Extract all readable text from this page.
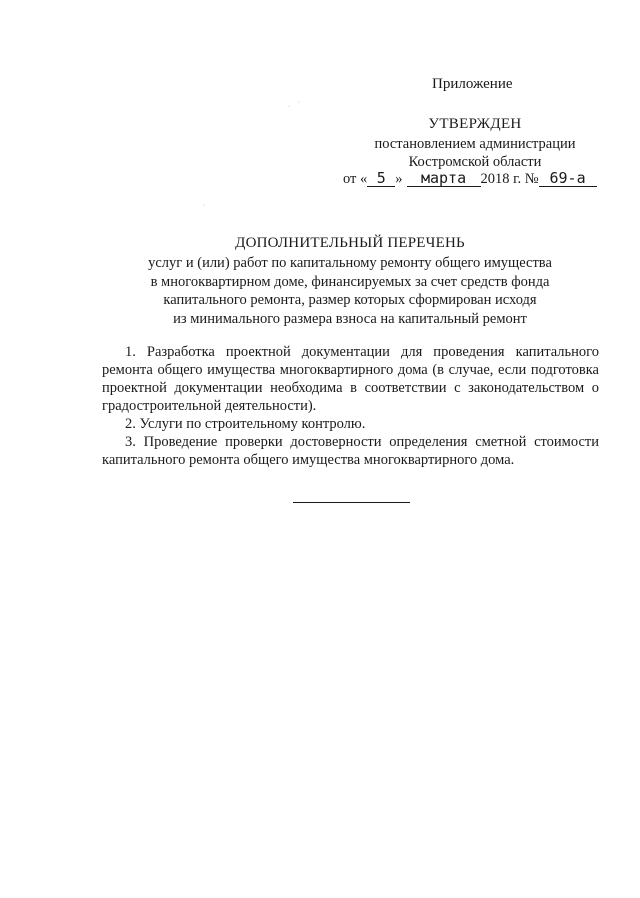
Приложение
·
·
·
УТВЕРЖДЕН
постановлением администрации
Костромской области
от « 5 » марта 2018 г. № 69-а
ДОПОЛНИТЕЛЬНЫЙ ПЕРЕЧЕНЬ
услуг и (или) работ по капитальному ремонту общего имущества
в многоквартирном доме, финансируемых за счет средств фонда
капитального ремонта, размер которых сформирован исходя
из минимального размера взноса на капитальный ремонт

1. Разработка проектной документации для проведения капитального ремонта общего имущества многоквартирного дома (в случае, если подготовка проектной документации необходима в соответствии с законодательством о градостроительной деятельности).

2. Услуги по строительному контролю.

3. Проведение проверки достоверности определения сметной стоимости капитального ремонта общего имущества многоквартирного дома.
